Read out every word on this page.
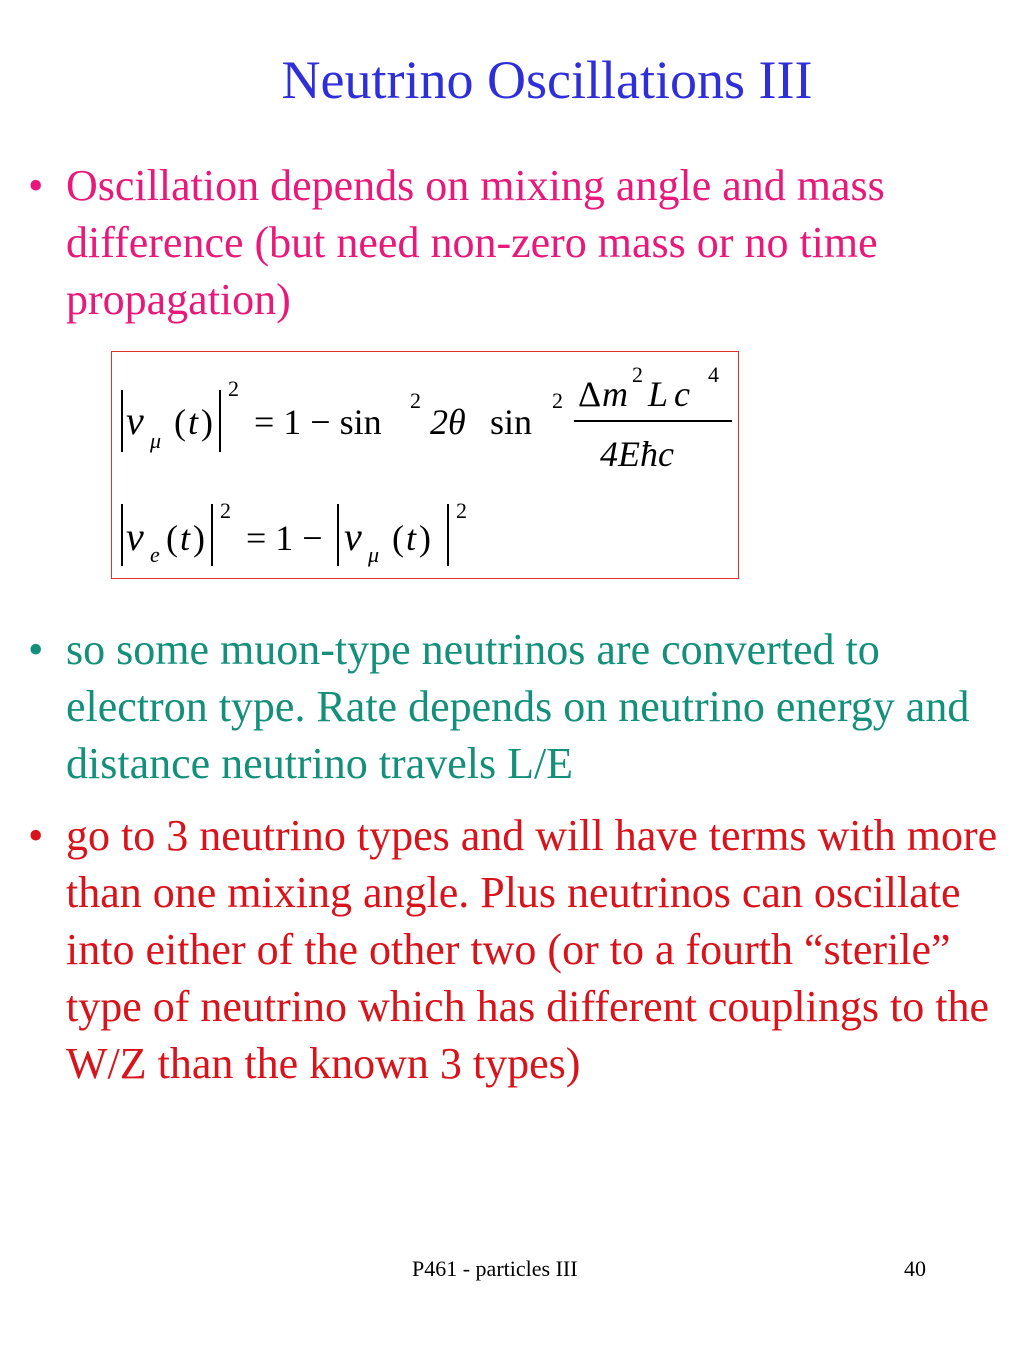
Neutrino Oscillations III
• Oscillation depends on mixing angle and mass difference (but need non-zero mass or no time propagation)
ν μ ( t )
2
= 1 − sin
2
2θ sin
2 Δ m 2 L c 4
4Eħc
ν e ( t )
2
= 1 − ν μ ( t )
2
• so some muon-type neutrinos are converted to electron type. Rate depends on neutrino energy and distance neutrino travels L/E
• go to 3 neutrino types and will have terms with more than one mixing angle. Plus neutrinos can oscillate into either of the other two (or to a fourth “sterile” type of neutrino which has different couplings to the W/Z than the known 3 types)
P461 - particles III	40
